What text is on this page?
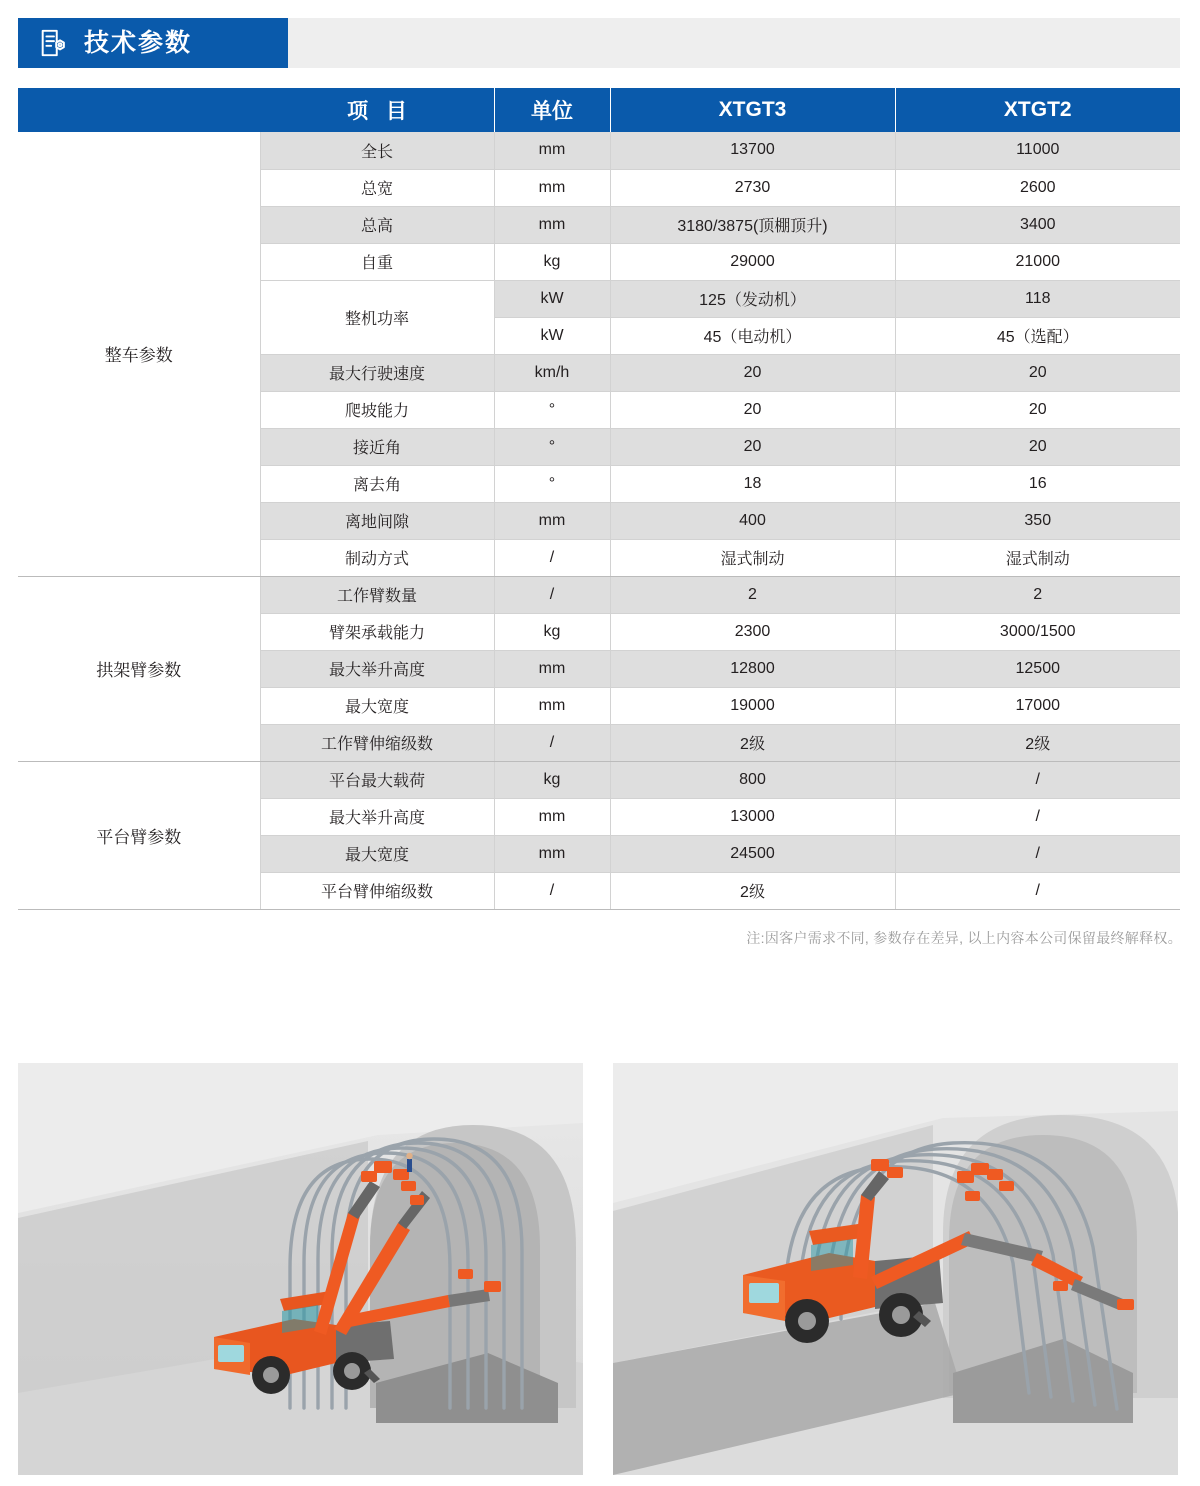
技术参数
	项 目	单位	XTGT3	XTGT2
整车参数	全长	mm	13700	11000
	总宽	mm	2730	2600
	总高	mm	3180/3875(顶棚顶升)	3400
	自重	kg	29000	21000
	整机功率	kW	125（发动机）	118
		kW	45（电动机）	45（选配）
	最大行驶速度	km/h	20	20
	爬坡能力	°	20	20
	接近角	°	20	20
	离去角	°	18	16
	离地间隙	mm	400	350
	制动方式	/	湿式制动	湿式制动
拱架臂参数	工作臂数量	/	2	2
	臂架承载能力	kg	2300	3000/1500
	最大举升高度	mm	12800	12500
	最大宽度	mm	19000	17000
	工作臂伸缩级数	/	2级	2级
平台臂参数	平台最大载荷	kg	800	/
	最大举升高度	mm	13000	/
	最大宽度	mm	24500	/
	平台臂伸缩级数	/	2级	/
注:因客户需求不同, 参数存在差异, 以上内容本公司保留最终解释权。
